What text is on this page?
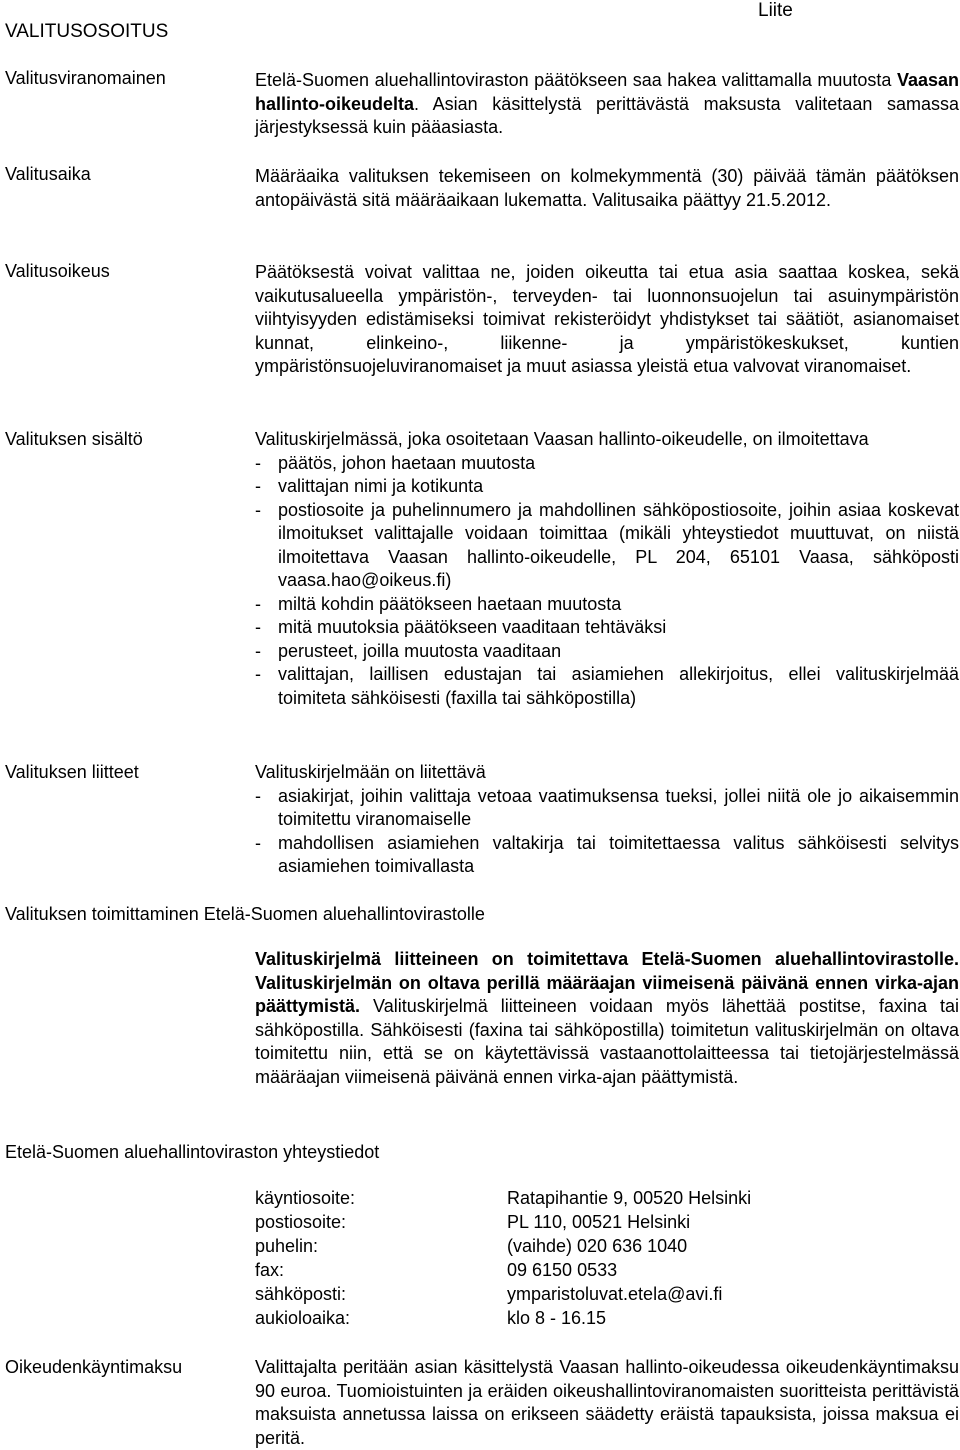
VALITUSOSOITUS
Liite
Valitusviranomainen	Etelä-Suomen aluehallintoviraston päätökseen saa hakea valittamalla muutosta Vaasan hallinto-oikeudelta. Asian käsittelystä perittävästä maksusta valitetaan samassa järjestyksessä kuin pääasiasta.

Valitusaika	Määräaika valituksen tekemiseen on kolmekymmentä (30) päivää tämän päätöksen antopäivästä sitä määräaikaan lukematta. Valitusaika päättyy 21.5.2012.

Valitusoikeus	Päätöksestä voivat valittaa ne, joiden oikeutta tai etua asia saattaa koskea, sekä vaikutusalueella ympäristön-, terveyden- tai luonnonsuojelun tai asuinympäristön viihtyisyyden edistämiseksi toimivat rekisteröidyt yhdistykset tai säätiöt, asianomaiset kunnat, elinkeino-, liikenne- ja ympäristökeskukset, kuntien ympäristönsuojeluviranomaiset ja muut asiassa yleistä etua valvovat viranomaiset.

Valituksen sisältö	Valituskirjelmässä, joka osoitetaan Vaasan hallinto-oikeudelle, on ilmoitettava

- päätös, johon haetaan muutosta
- valittajan nimi ja kotikunta
- postiosoite ja puhelinnumero ja mahdollinen sähköpostiosoite, joihin asiaa koskevat ilmoitukset valittajalle voidaan toimittaa (mikäli yhteystiedot muuttuvat, on niistä ilmoitettava Vaasan hallinto-oikeudelle, PL 204, 65101 Vaasa, sähköposti vaasa.hao@oikeus.fi)
- miltä kohdin päätökseen haetaan muutosta
- mitä muutoksia päätökseen vaaditaan tehtäväksi
- perusteet, joilla muutosta vaaditaan
- valittajan, laillisen edustajan tai asiamiehen allekirjoitus, ellei valituskirjelmää toimiteta sähköisesti (faxilla tai sähköpostilla)
Valituksen liitteet	Valituskirjelmään on liitettävä

- asiakirjat, joihin valittaja vetoaa vaatimuksensa tueksi, jollei niitä ole jo aikaisemmin toimitettu viranomaiselle
- mahdollisen asiamiehen valtakirja tai toimitettaessa valitus sähköisesti selvitys asiamiehen toimivallasta
Valituksen toimittaminen Etelä-Suomen aluehallintovirastolle

Valituskirjelmä liitteineen on toimitettava Etelä-Suomen aluehallintovirastolle. Valituskirjelmän on oltava perillä määräajan viimeisenä päivänä ennen virka-ajan päättymistä. Valituskirjelmä liitteineen voidaan myös lähettää postitse, faxina tai sähköpostilla. Sähköisesti (faxina tai sähköpostilla) toimitetun valituskirjelmän on oltava toimitettu niin, että se on käytettävissä vastaanottolaitteessa tai tietojärjestelmässä määräajan viimeisenä päivänä ennen virka-ajan päättymistä.

Etelä-Suomen aluehallintoviraston yhteystiedot
käyntiosoite:	Ratapihantie 9, 00520 Helsinki
postiosoite:	PL 110, 00521 Helsinki
puhelin:	(vaihde) 020 636 1040
fax:	09 6150 0533
sähköposti:	ymparistoluvat.etela@avi.fi
aukioloaika:	klo 8 - 16.15
Oikeudenkäyntimaksu	Valittajalta peritään asian käsittelystä Vaasan hallinto-oikeudessa oikeudenkäyntimaksu 90 euroa. Tuomioistuinten ja eräiden oikeushallintoviranomaisten suoritteista perittävistä maksuista annetussa laissa on erikseen säädetty eräistä tapauksista, joissa maksua ei peritä.
